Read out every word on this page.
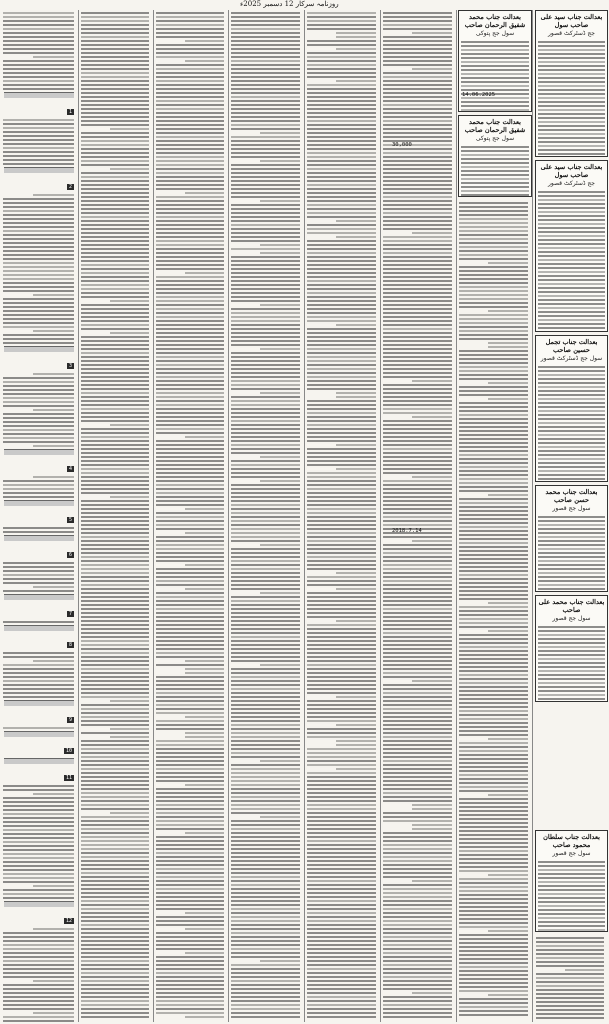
روزنامہ سرکار 12 دسمبر 2025ء
1
2
3
4
5
6
7
8
9
10
11
12
بعدالت جناب سید علی صاحب سول
جج ڈسٹرکٹ قصور
بعدالت جناب سید علی صاحب سول
جج ڈسٹرکٹ قصور
بعدالت جناب تجمل حسین صاحب
سول جج ڈسٹرکٹ قصور
بعدالت جناب محمد حسن صاحب
سول جج قصور
بعدالت جناب محمد علی صاحب
سول جج قصور
بعدالت جناب سلطان محمود صاحب
سول جج قصور
بعدالت جناب محمد شفیق الرحمان صاحب
سول جج پتوکی
بعدالت جناب محمد شفیق الرحمان صاحب
سول جج پتوکی
14.06.2025
30,000
2018.7.14
